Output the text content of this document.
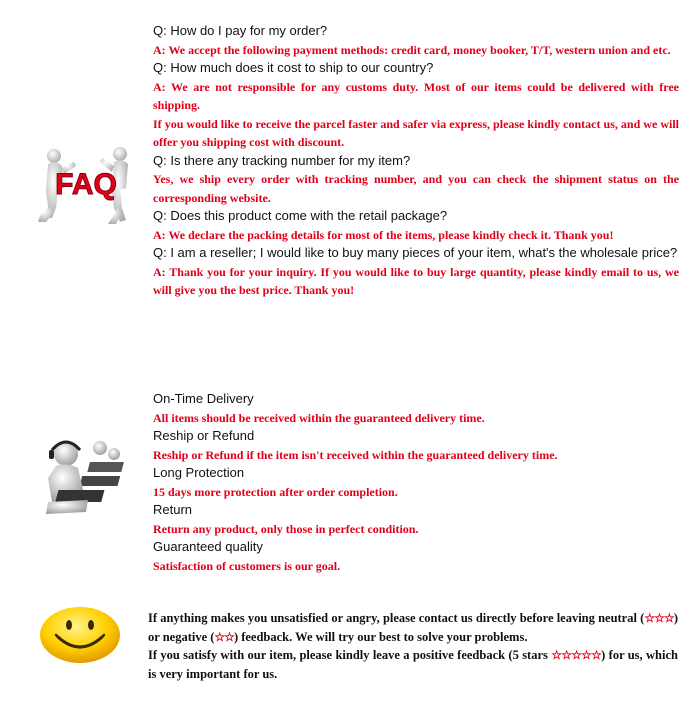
FAQ
Q: How do I pay for my order?
A: We accept the following payment methods: credit card, money booker, T/T, western union and etc.
Q: How much does it cost to ship to our country?
A: We are not responsible for any customs duty. Most of our items could be delivered with free shipping.
If you would like to receive the parcel faster and safer via express, please kindly contact us, and we will offer you shipping cost with discount.
Q: Is there any tracking number for my item?
Yes, we ship every order with tracking number, and you can check the shipment status on the corresponding website.
Q: Does this product come with the retail package?
A: We declare the packing details for most of the items, please kindly check it. Thank you!
Q: I am a reseller; I would like to buy many pieces of your item, what's the wholesale price?
A: Thank you for your inquiry. If you would like to buy large quantity, please kindly email to us, we will give you the best price. Thank you!
On-Time Delivery
All items should be received within the guaranteed delivery time.
Reship or Refund
Reship or Refund if the item isn't received within the guaranteed delivery time.
Long Protection
15 days more protection after order completion.
Return
Return any product, only those in perfect condition.
Guaranteed quality
Satisfaction of customers is our goal.
If anything makes you unsatisfied or angry, please contact us directly before leaving neutral (☆☆☆) or negative (☆☆) feedback. We will try our best to solve your problems.
If you satisfy with our item, please kindly leave a positive feedback (5 stars ☆☆☆☆☆) for us, which is very important for us.
